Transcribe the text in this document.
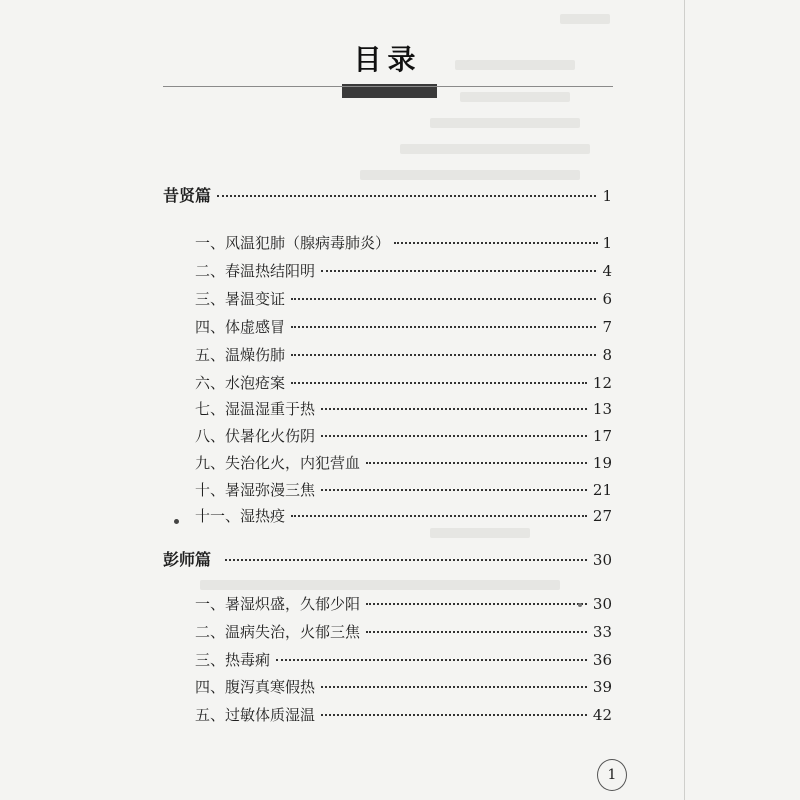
目录
昔贤篇	1
一、风温犯肺（腺病毒肺炎）	1
二、春温热结阳明	4
三、暑温变证	6
四、体虚感冒	7
五、温燥伤肺	8
六、水泡疮案	12
七、湿温湿重于热	13
八、伏暑化火伤阴	17
九、失治化火，内犯营血	19
十、暑湿弥漫三焦	21
十一、湿热疫	27
彭师篇	30
一、暑湿炽盛，久郁少阳	30
二、温病失治，火郁三焦	33
三、热毒痢	36
四、腹泻真寒假热	39
五、过敏体质湿温	42
1
